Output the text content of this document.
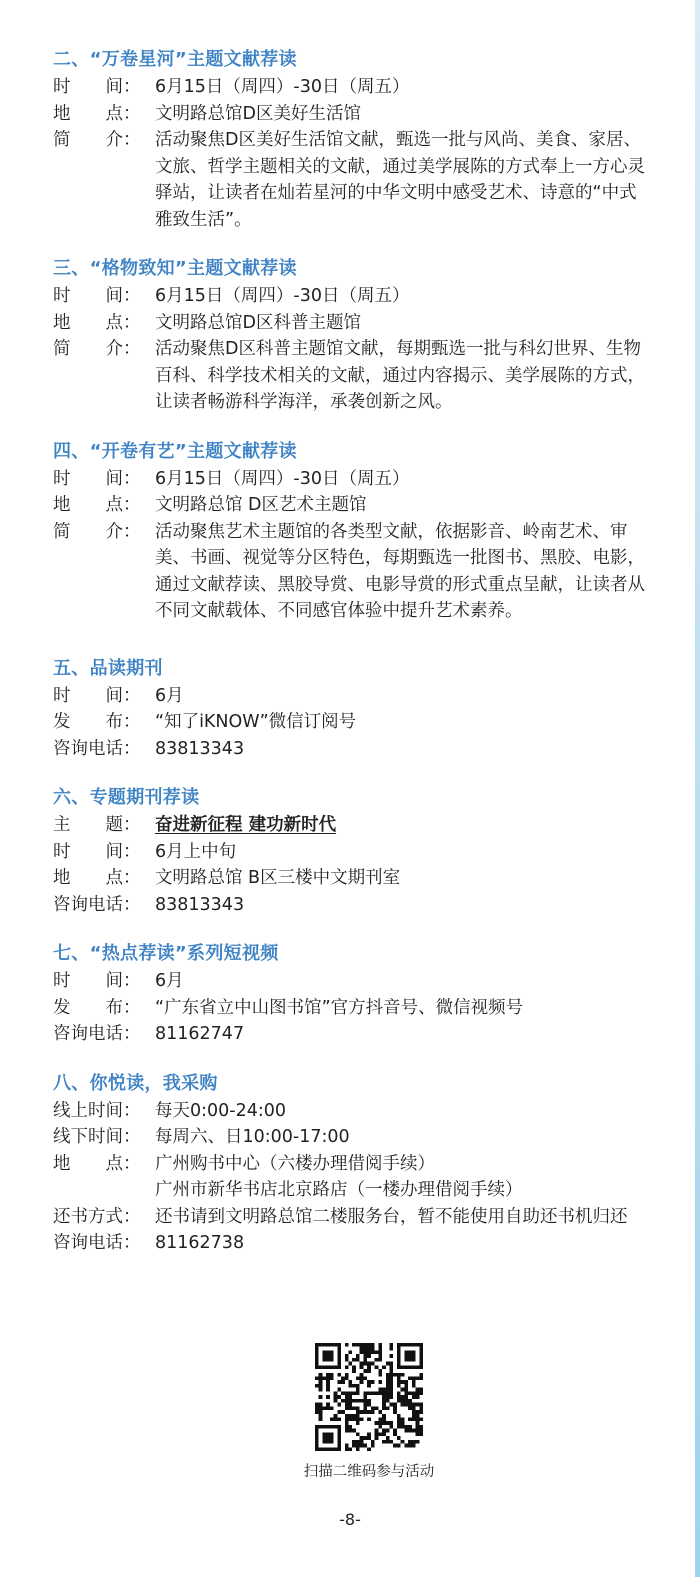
二、“万卷星河”主题文献荐读
时　　间： 6月15日（周四）-30日（周五）
地　　点： 文明路总馆D区美好生活馆
简　　介： 活动聚焦D区美好生活馆文献，甄选一批与风尚、美食、家居、文旅、哲学主题相关的文献，通过美学展陈的方式奉上一方心灵驿站，让读者在灿若星河的中华文明中感受艺术、诗意的“中式雅致生活”。
三、“格物致知”主题文献荐读
时　　间： 6月15日（周四）-30日（周五）
地　　点： 文明路总馆D区科普主题馆
简　　介： 活动聚焦D区科普主题馆文献，每期甄选一批与科幻世界、生物百科、科学技术相关的文献，通过内容揭示、美学展陈的方式，让读者畅游科学海洋，承袭创新之风。
四、“开卷有艺”主题文献荐读
时　　间： 6月15日（周四）-30日（周五）
地　　点： 文明路总馆 D区艺术主题馆
简　　介： 活动聚焦艺术主题馆的各类型文献，依据影音、岭南艺术、审美、书画、视觉等分区特色，每期甄选一批图书、黑胶、电影，通过文献荐读、黑胶导赏、电影导赏的形式重点呈献，让读者从不同文献载体、不同感官体验中提升艺术素养。
五、品读期刊
时　　间： 6月
发　　布： “知了iKNOW”微信订阅号
咨询电话： 83813343
六、专题期刊荐读
主　　题： 奋进新征程 建功新时代
时　　间： 6月上中旬
地　　点： 文明路总馆 B区三楼中文期刊室
咨询电话： 83813343
七、“热点荐读”系列短视频
时　　间： 6月
发　　布： “广东省立中山图书馆”官方抖音号、微信视频号
咨询电话： 81162747
八、你悦读，我采购
线上时间： 每天0:00-24:00
线下时间： 每周六、日10:00-17:00
地　　点： 广州购书中心（六楼办理借阅手续）
广州市新华书店北京路店（一楼办理借阅手续）
还书方式： 还书请到文明路总馆二楼服务台，暂不能使用自助还书机归还
咨询电话： 81162738
扫描二维码参与活动
-8-
